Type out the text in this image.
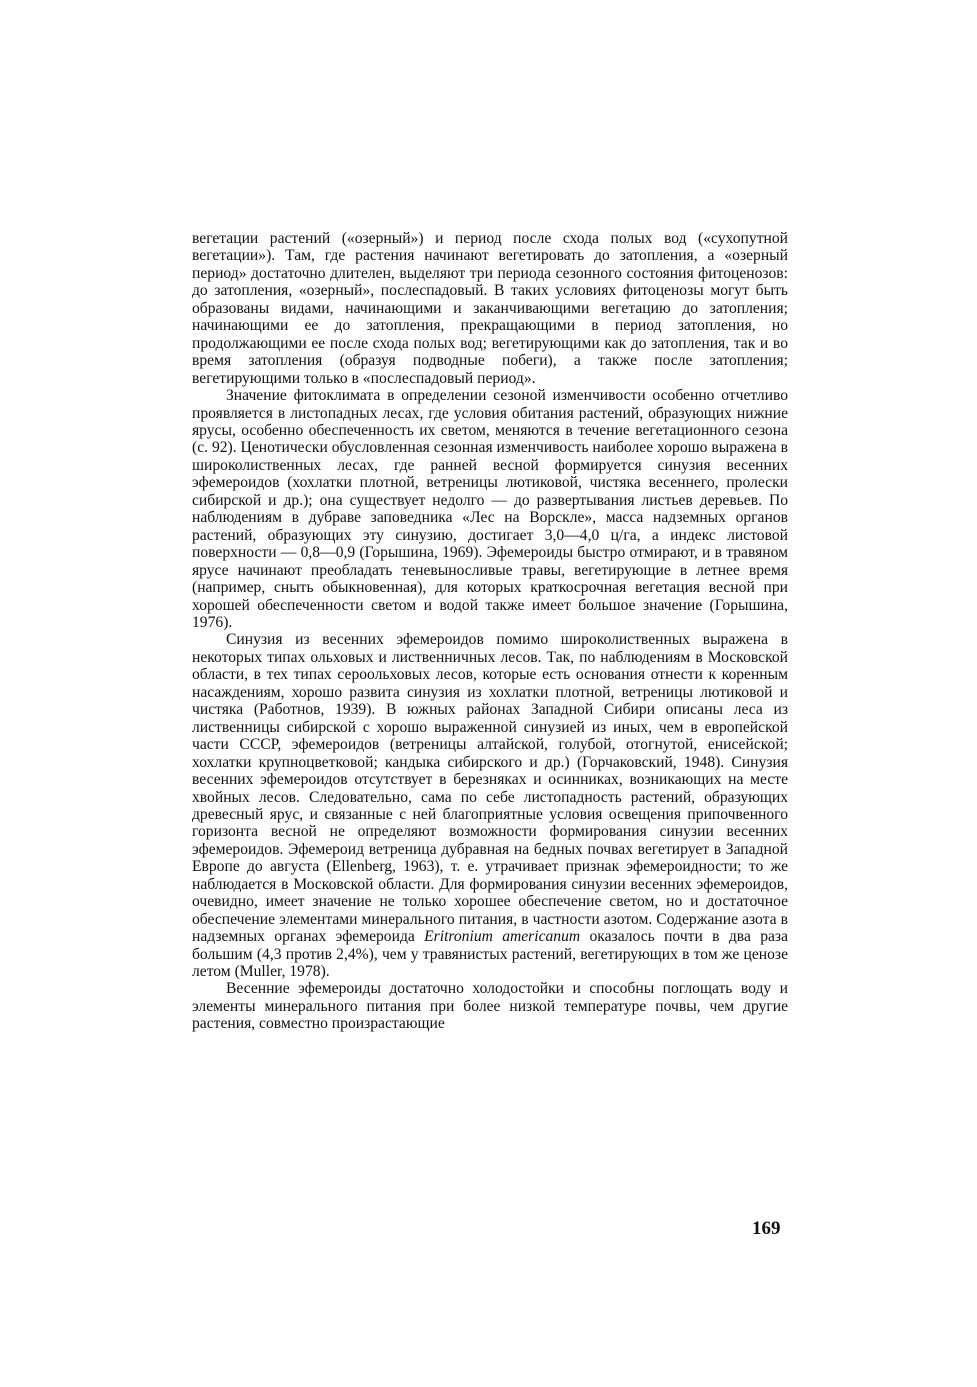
вегетации растений («озерный») и период после схода полых вод («сухопутной вегетации»). Там, где растения начинают вегетировать до затопления, а «озерный период» достаточно длителен, выделяют три периода сезонного состояния фитоценозов: до затопления, «озерный», послеспадовый. В таких условиях фитоценозы могут быть образованы видами, начинающими и заканчивающими вегетацию до затопления; начинающими ее до затопления, прекращающими в период затопления, но продолжающими ее после схода полых вод; вегетирующими как до затопления, так и во время затопления (образуя подводные побеги), а также после затопления; вегетирующими только в «послеспадовый период».

Значение фитоклимата в определении сезоной изменчивости особенно отчетливо проявляется в листопадных лесах, где условия обитания растений, образующих нижние ярусы, особенно обеспеченность их светом, меняются в течение вегетационного сезона (с. 92). Ценотически обусловленная сезонная изменчивость наиболее хорошо выражена в широколиственных лесах, где ранней весной формируется синузия весенних эфемероидов (хохлатки плотной, ветреницы лютиковой, чистяка весеннего, пролески сибирской и др.); она существует недолго — до развертывания листьев деревьев. По наблюдениям в дубраве заповедника «Лес на Ворскле», масса надземных органов растений, образующих эту синузию, достигает 3,0—4,0 ц/га, а индекс листовой поверхности — 0,8—0,9 (Горышина, 1969). Эфемероиды быстро отмирают, и в травяном ярусе начинают преобладать теневыносливые травы, вегетирующие в летнее время (например, сныть обыкновенная), для которых краткосрочная вегетация весной при хорошей обеспеченности светом и водой также имеет большое значение (Горышина, 1976).

Синузия из весенних эфемероидов помимо широколиственных выражена в некоторых типах ольховых и лиственничных лесов. Так, по наблюдениям в Московской области, в тех типах сероольховых лесов, которые есть основания отнести к коренным насаждениям, хорошо развита синузия из хохлатки плотной, ветреницы лютиковой и чистяка (Работнов, 1939). В южных районах Западной Сибири описаны леса из лиственницы сибирской с хорошо выраженной синузией из иных, чем в европейской части СССР, эфемероидов (ветреницы алтайской, голубой, отогнутой, енисейской; хохлатки крупноцветковой; кандыка сибирского и др.) (Горчаковский, 1948). Синузия весенних эфемероидов отсутствует в березняках и осинниках, возникающих на месте хвойных лесов. Следовательно, сама по себе листопадность растений, образующих древесный ярус, и связанные с ней благоприятные условия освещения припочвенного горизонта весной не определяют возможности формирования синузии весенних эфемероидов. Эфемероид ветреница дубравная на бедных почвах вегетирует в Западной Европе до августа (Ellenberg, 1963), т. е. утрачивает признак эфемероидности; то же наблюдается в Московской области. Для формирования синузии весенних эфемероидов, очевидно, имеет значение не только хорошее обеспечение светом, но и достаточное обеспечение элементами минерального питания, в частности азотом. Содержание азота в надземных органах эфемероида Eritronium americanum оказалось почти в два раза большим (4,3 против 2,4%), чем у травянистых растений, вегетирующих в том же ценозе летом (Muller, 1978).

Весенние эфемероиды достаточно холодостойки и способны поглощать воду и элементы минерального питания при более низкой температуре почвы, чем другие растения, совместно произрастающие

169
